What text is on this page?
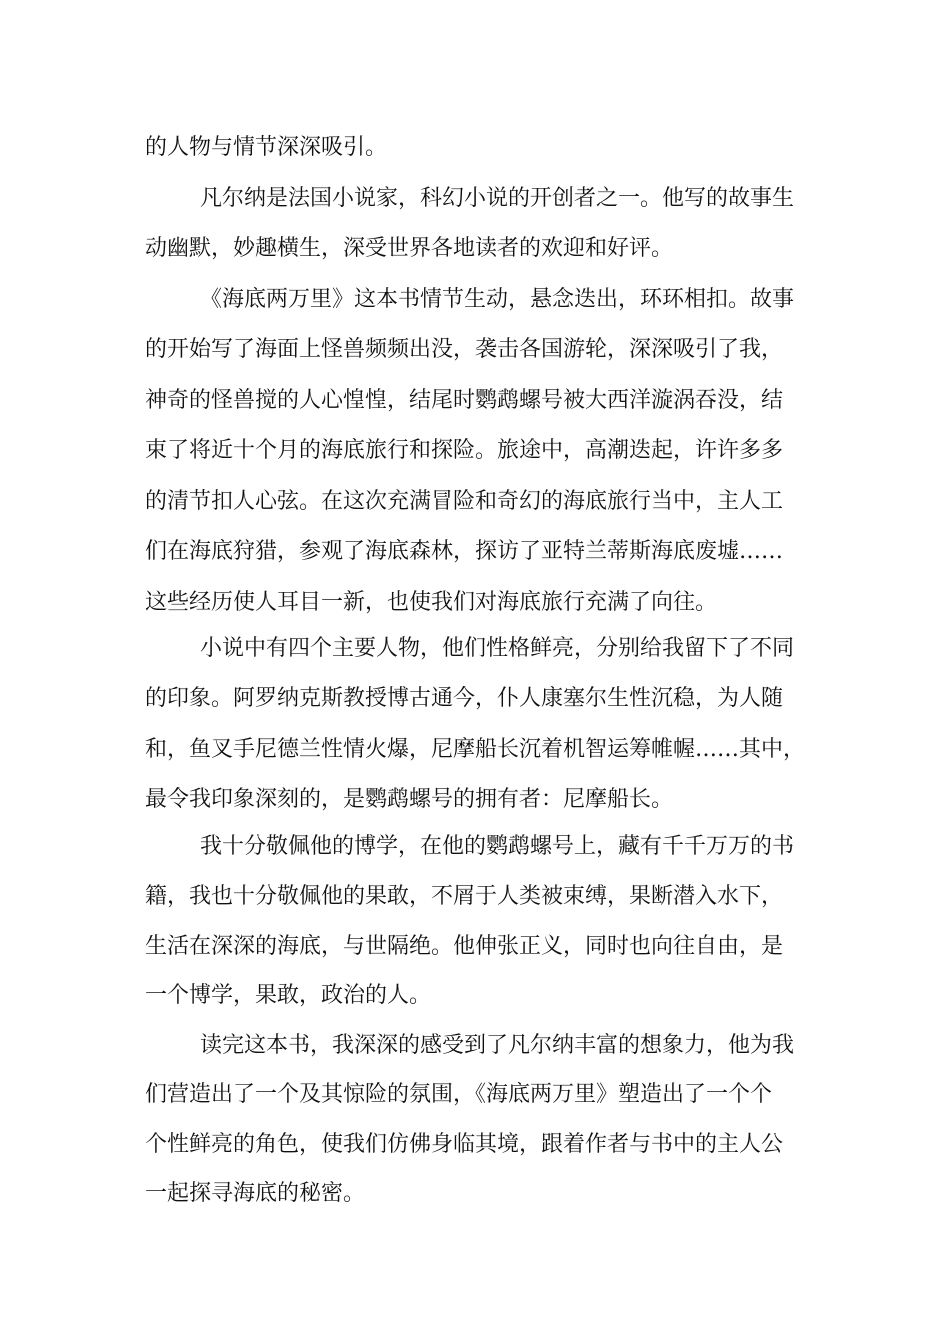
的人物与情节深深吸引。
凡尔纳是法国小说家，科幻小说的开创者之一。他写的故事生
动幽默，妙趣横生，深受世界各地读者的欢迎和好评。
《海底两万里》这本书情节生动，悬念迭出，环环相扣。故事
的开始写了海面上怪兽频频出没，袭击各国游轮，深深吸引了我，
神奇的怪兽搅的人心惶惶，结尾时鹦鹉螺号被大西洋漩涡吞没，结
束了将近十个月的海底旅行和探险。旅途中，高潮迭起，许许多多
的清节扣人心弦。在这次充满冒险和奇幻的海底旅行当中，主人工
们在海底狩猎，参观了海底森林，探访了亚特兰蒂斯海底废墟……
这些经历使人耳目一新，也使我们对海底旅行充满了向往。
小说中有四个主要人物，他们性格鲜亮，分别给我留下了不同
的印象。阿罗纳克斯教授博古通今，仆人康塞尔生性沉稳，为人随
和，鱼叉手尼德兰性情火爆，尼摩船长沉着机智运筹帷幄……其中，
最令我印象深刻的，是鹦鹉螺号的拥有者：尼摩船长。
我十分敬佩他的博学，在他的鹦鹉螺号上，藏有千千万万的书
籍，我也十分敬佩他的果敢，不屑于人类被束缚，果断潜入水下，
生活在深深的海底，与世隔绝。他伸张正义，同时也向往自由，是
一个博学，果敢，政治的人。
读完这本书，我深深的感受到了凡尔纳丰富的想象力，他为我
们营造出了一个及其惊险的氛围，《海底两万里》塑造出了一个个
个性鲜亮的角色，使我们仿佛身临其境，跟着作者与书中的主人公
一起探寻海底的秘密。
